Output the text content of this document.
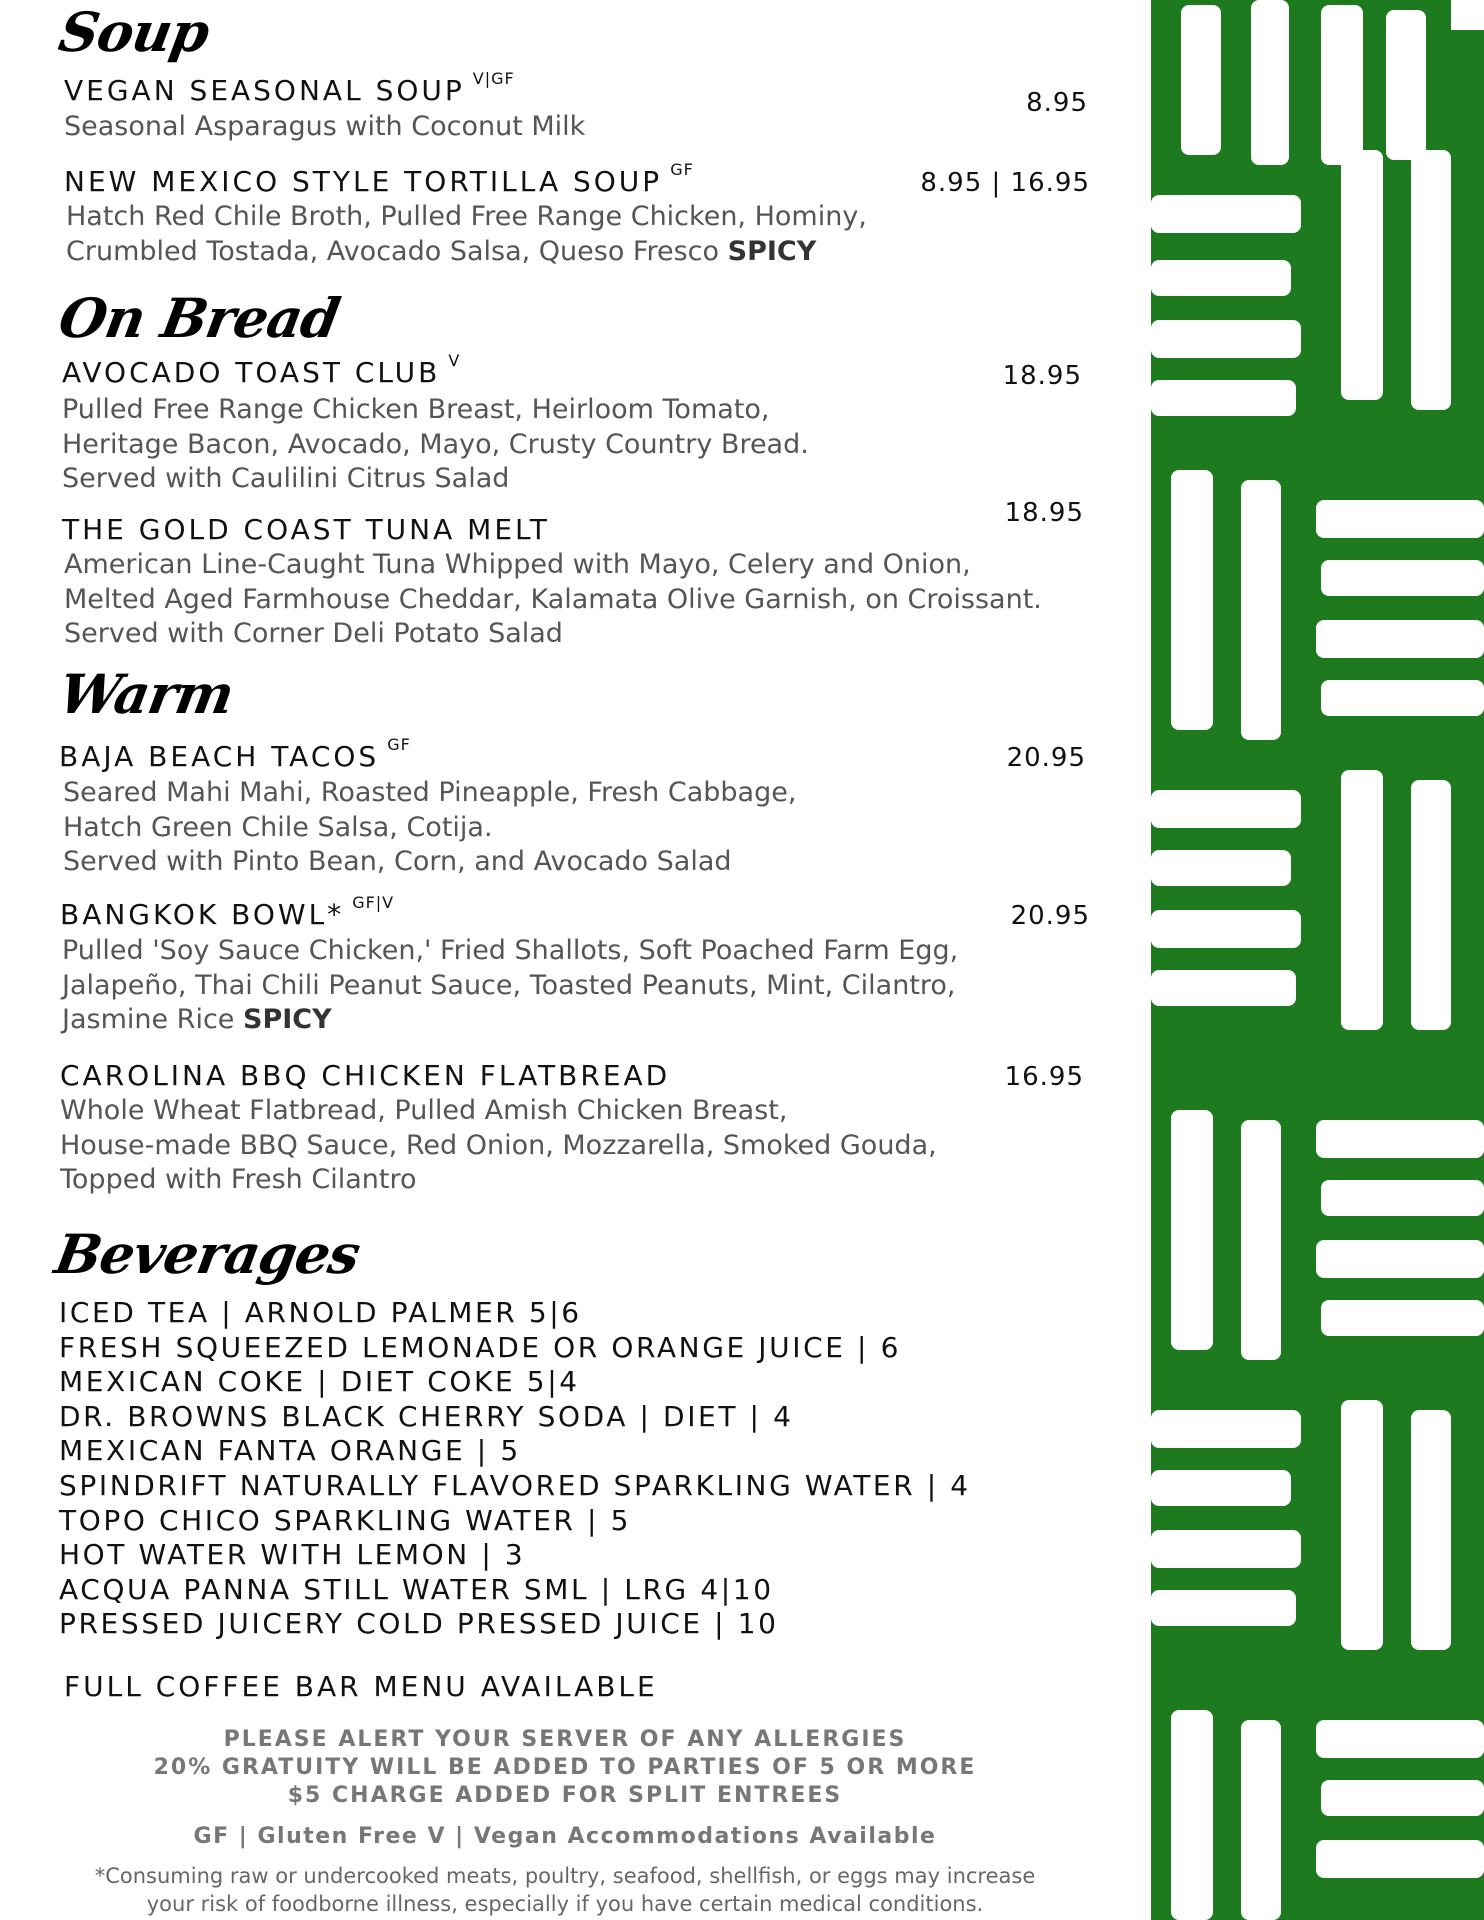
Soup
VEGAN SEASONAL SOUP $^{V|GF}$
8.95
Seasonal Asparagus with Coconut Milk
NEW MEXICO STYLE TORTILLA SOUP $^{GF}$	8.95 | 16.95
Hatch Red Chile Broth, Pulled Free Range Chicken, Hominy,
Crumbled Tostada, Avocado Salsa, Queso Fresco SPICY
On Bread
AVOCADO TOAST CLUB $^V$
18.95
Pulled Free Range Chicken Breast, Heirloom Tomato,
Heritage Bacon, Avocado, Mayo, Crusty Country Bread.
Served with Caulilini Citrus Salad
18.95
THE GOLD COAST TUNA MELT
American Line-Caught Tuna Whipped with Mayo, Celery and Onion,
Melted Aged Farmhouse Cheddar, Kalamata Olive Garnish, on Croissant.
Served with Corner Deli Potato Salad
Warm
BAJA BEACH TACOS $^{GF}$	20.95
Seared Mahi Mahi, Roasted Pineapple, Fresh Cabbage,
Hatch Green Chile Salsa, Cotija.
Served with Pinto Bean, Corn, and Avocado Salad
BANGKOK BOWL* $^{GF|V}$	20.95
Pulled 'Soy Sauce Chicken,' Fried Shallots, Soft Poached Farm Egg,
Jalapeño, Thai Chili Peanut Sauce, Toasted Peanuts, Mint, Cilantro,
Jasmine Rice SPICY
CAROLINA BBQ CHICKEN FLATBREAD	16.95
Whole Wheat Flatbread, Pulled Amish Chicken Breast,
House-made BBQ Sauce, Red Onion, Mozzarella, Smoked Gouda,
Topped with Fresh Cilantro
Beverages
ICED TEA | ARNOLD PALMER 5|6
FRESH SQUEEZED LEMONADE OR ORANGE JUICE | 6
MEXICAN COKE | DIET COKE 5|4
DR. BROWNS BLACK CHERRY SODA | DIET | 4
MEXICAN FANTA ORANGE | 5
SPINDRIFT NATURALLY FLAVORED SPARKLING WATER | 4
TOPO CHICO SPARKLING WATER | 5
HOT WATER WITH LEMON | 3
ACQUA PANNA STILL WATER SML | LRG 4|10
PRESSED JUICERY COLD PRESSED JUICE | 10
FULL COFFEE BAR MENU AVAILABLE
PLEASE ALERT YOUR SERVER OF ANY ALLERGIES
20% GRATUITY WILL BE ADDED TO PARTIES OF 5 OR MORE
$5 CHARGE ADDED FOR SPLIT ENTREES
GF | Gluten Free V | Vegan Accommodations Available
*Consuming raw or undercooked meats, poultry, seafood, shellfish, or eggs may increase
your risk of foodborne illness, especially if you have certain medical conditions.
